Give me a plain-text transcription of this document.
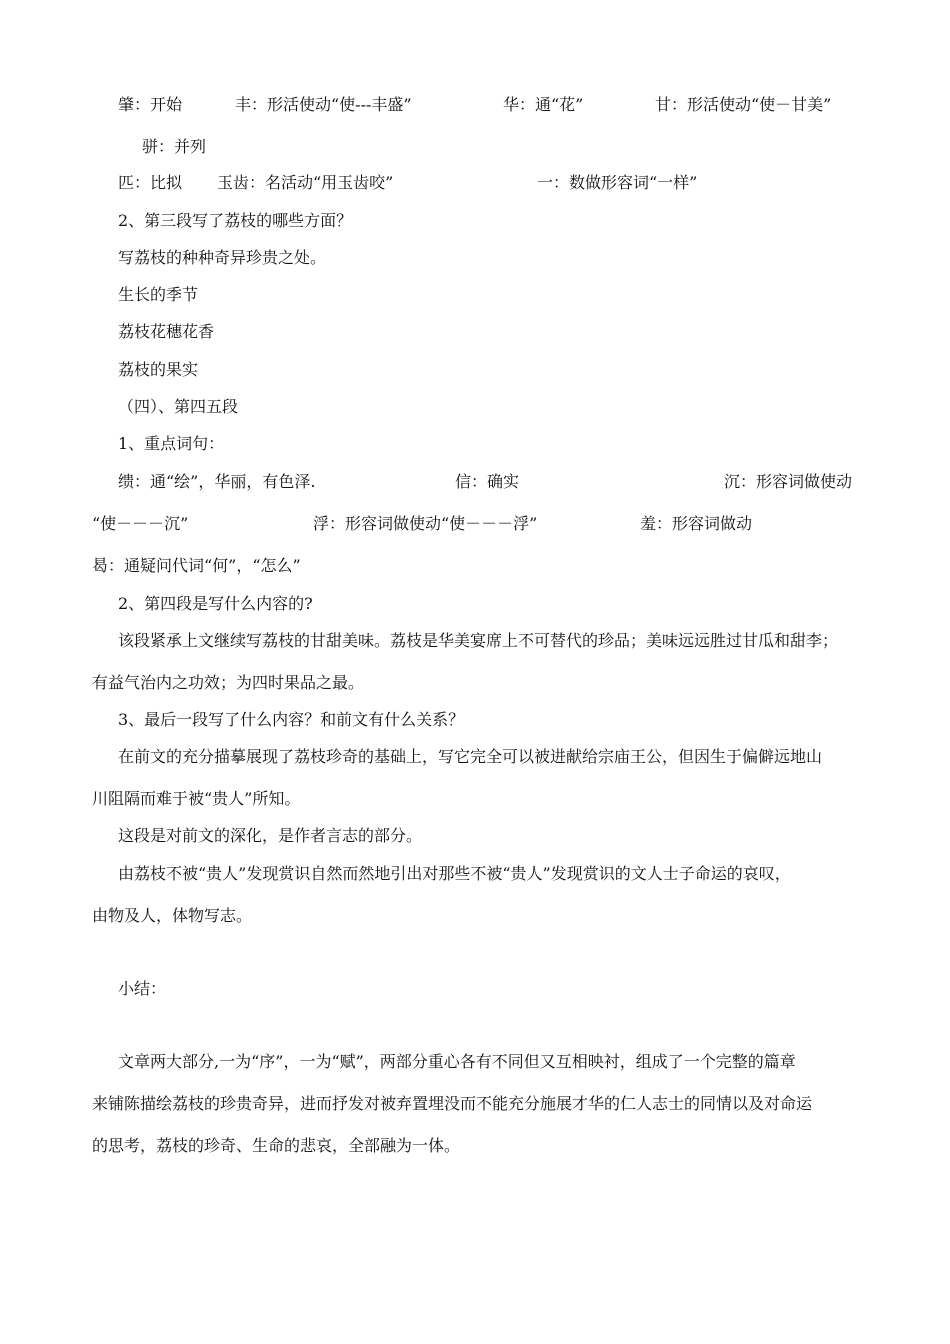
肇：开始	丰：形活使动“使---丰盛”	华：通“花”	甘：形活使动“使－甘美”
骈：并列
匹：比拟 玉齿：名活动“用玉齿咬”	一：数做形容词“一样”
2、第三段写了荔枝的哪些方面？
写荔枝的种种奇异珍贵之处。
生长的季节
荔枝花穗花香
荔枝的果实
（四）、第四五段
1、重点词句：
缋：通“绘”，华丽，有色泽.	信：确实	沉：形容词做使动
“使－－－沉”	浮：形容词做使动“使－－－浮”	羞：形容词做动
曷：通疑问代词“何”，“怎么”
2、第四段是写什么内容的?
该段紧承上文继续写荔枝的甘甜美味。荔枝是华美宴席上不可替代的珍品；美味远远胜过甘瓜和甜李；
有益气治内之功效；为四时果品之最。
3、最后一段写了什么内容？和前文有什么关系？
在前文的充分描摹展现了荔枝珍奇的基础上，写它完全可以被进献给宗庙王公，但因生于偏僻远地山
川阻隔而难于被“贵人”所知。
这段是对前文的深化，是作者言志的部分。
由荔枝不被“贵人”发现赏识自然而然地引出对那些不被“贵人”发现赏识的文人士子命运的哀叹，
由物及人，体物写志。
小结：
文章两大部分,一为“序”，一为“赋”，两部分重心各有不同但又互相映衬，组成了一个完整的篇章
来铺陈描绘荔枝的珍贵奇异，进而抒发对被弃置埋没而不能充分施展才华的仁人志士的同情以及对命运
的思考，荔枝的珍奇、生命的悲哀，全部融为一体。
